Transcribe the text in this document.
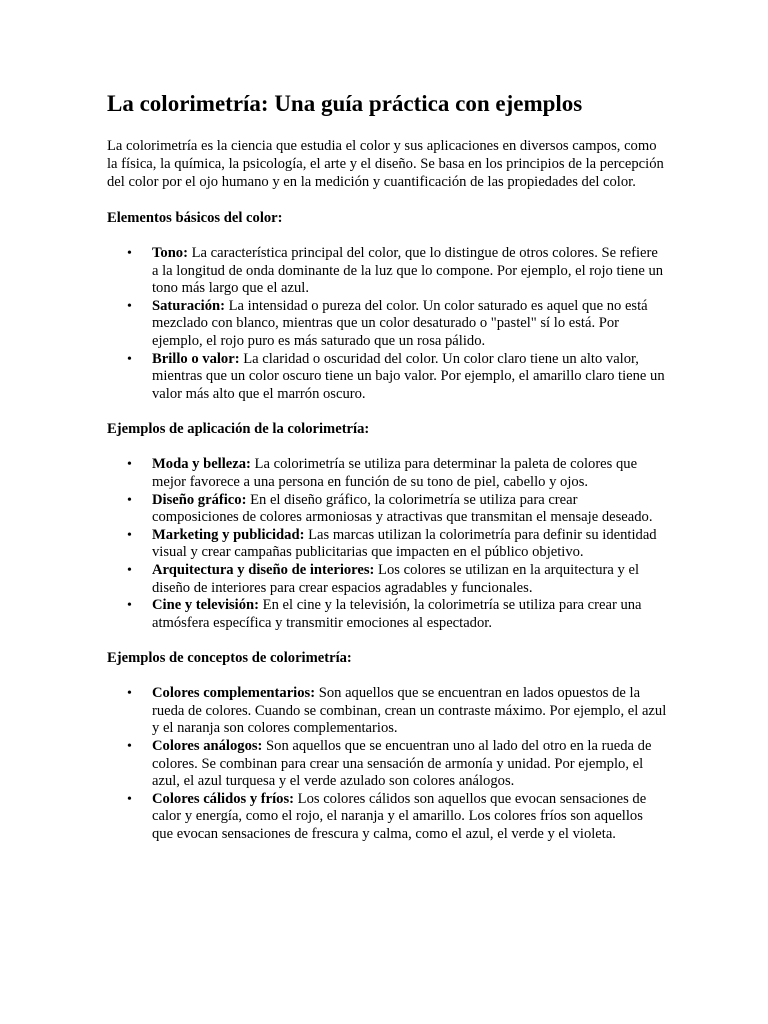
La colorimetría: Una guía práctica con ejemplos

La colorimetría es la ciencia que estudia el color y sus aplicaciones en diversos campos, como la física, la química, la psicología, el arte y el diseño. Se basa en los principios de la percepción del color por el ojo humano y en la medición y cuantificación de las propiedades del color.

Elementos básicos del color:
• Tono: La característica principal del color, que lo distingue de otros colores. Se refiere a la longitud de onda dominante de la luz que lo compone. Por ejemplo, el rojo tiene un tono más largo que el azul.
• Saturación: La intensidad o pureza del color. Un color saturado es aquel que no está mezclado con blanco, mientras que un color desaturado o "pastel" sí lo está. Por ejemplo, el rojo puro es más saturado que un rosa pálido.
• Brillo o valor: La claridad o oscuridad del color. Un color claro tiene un alto valor, mientras que un color oscuro tiene un bajo valor. Por ejemplo, el amarillo claro tiene un valor más alto que el marrón oscuro.
Ejemplos de aplicación de la colorimetría:
• Moda y belleza: La colorimetría se utiliza para determinar la paleta de colores que mejor favorece a una persona en función de su tono de piel, cabello y ojos.
• Diseño gráfico: En el diseño gráfico, la colorimetría se utiliza para crear composiciones de colores armoniosas y atractivas que transmitan el mensaje deseado.
• Marketing y publicidad: Las marcas utilizan la colorimetría para definir su identidad visual y crear campañas publicitarias que impacten en el público objetivo.
• Arquitectura y diseño de interiores: Los colores se utilizan en la arquitectura y el diseño de interiores para crear espacios agradables y funcionales.
• Cine y televisión: En el cine y la televisión, la colorimetría se utiliza para crear una atmósfera específica y transmitir emociones al espectador.
Ejemplos de conceptos de colorimetría:
• Colores complementarios: Son aquellos que se encuentran en lados opuestos de la rueda de colores. Cuando se combinan, crean un contraste máximo. Por ejemplo, el azul y el naranja son colores complementarios.
• Colores análogos: Son aquellos que se encuentran uno al lado del otro en la rueda de colores. Se combinan para crear una sensación de armonía y unidad. Por ejemplo, el azul, el azul turquesa y el verde azulado son colores análogos.
• Colores cálidos y fríos: Los colores cálidos son aquellos que evocan sensaciones de calor y energía, como el rojo, el naranja y el amarillo. Los colores fríos son aquellos que evocan sensaciones de frescura y calma, como el azul, el verde y el violeta.
